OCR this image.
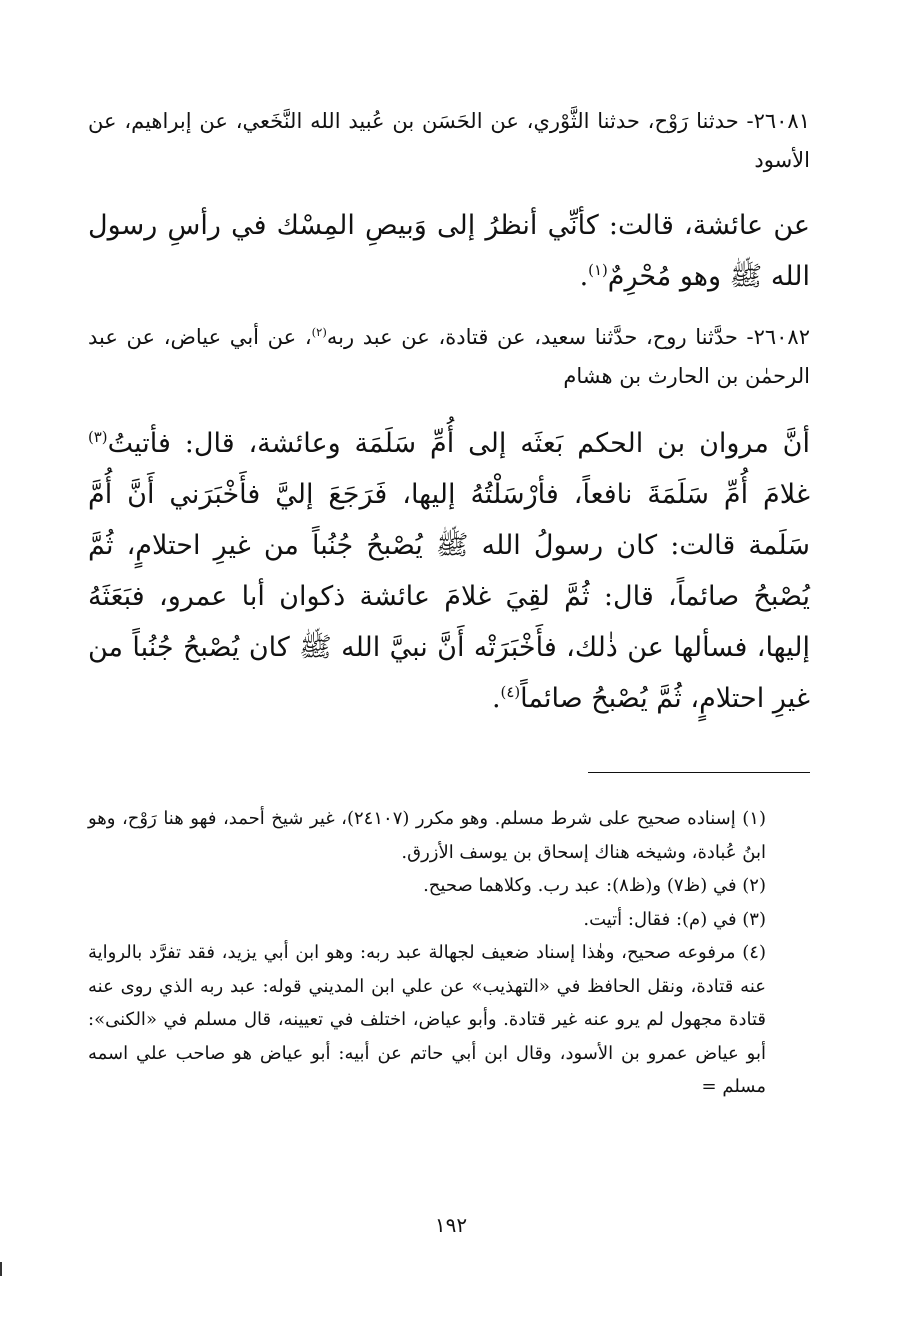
٢٦٠٨١- حدثنا رَوْح، حدثنا الثَّوْري، عن الحَسَن بن عُبيد الله النَّخَعي، عن إبراهيم، عن الأسود

عن عائشة، قالت: كأنِّي أنظرُ إلى وَبيصِ المِسْك في رأسِ رسول الله ﷺ وهو مُحْرِمٌ$^{(١)}$.

٢٦٠٨٢- حدَّثنا روح، حدَّثنا سعيد، عن قتادة، عن عبد ربه$^{(٢)}$، عن أبي عياض، عن عبد الرحمٰن بن الحارث بن هشام

أنَّ مروان بن الحكم بَعثَه إلى أُمِّ سَلَمَة وعائشة، قال: فأتيتُ$^{(٣)}$ غلامَ أُمِّ سَلَمَةَ نافعاً، فأرْسَلْتُهُ إليها، فَرَجَعَ إليَّ فأَخْبَرَني أَنَّ أُمَّ سَلَمة قالت: كان رسولُ الله ﷺ يُصْبحُ جُنُباً من غيرِ احتلامٍ، ثُمَّ يُصْبحُ صائماً، قال: ثُمَّ لقِيَ غلامَ عائشة ذكوان أبا عمرو، فبَعَثَهُ إليها، فسألها عن ذٰلك، فأَخْبَرَتْه أَنَّ نبيَّ الله ﷺ كان يُصْبحُ جُنُباً من غيرِ احتلامٍ، ثُمَّ يُصْبحُ صائماً$^{(٤)}$.

(١) إسناده صحيح على شرط مسلم. وهو مكرر (٢٤١٠٧)، غير شيخ أحمد، فهو هنا رَوْح، وهو ابنُ عُبادة، وشيخه هناك إسحاق بن يوسف الأزرق.

(٢) في (ظ٧) و(ظ٨): عبد رب. وكلاهما صحيح.

(٣) في (م): فقال: أتيت.

(٤) مرفوعه صحيح، وهٰذا إسناد ضعيف لجهالة عبد ربه: وهو ابن أبي يزيد، فقد تفرَّد بالرواية عنه قتادة، ونقل الحافظ في «التهذيب» عن علي ابن المديني قوله: عبد ربه الذي روى عنه قتادة مجهول لم يرو عنه غير قتادة. وأبو عياض، اختلف في تعيينه، قال مسلم في «الكنى»: أبو عياض عمرو بن الأسود، وقال ابن أبي حاتم عن أبيه: أبو عياض هو صاحب علي اسمه مسلم =

١٩٢
